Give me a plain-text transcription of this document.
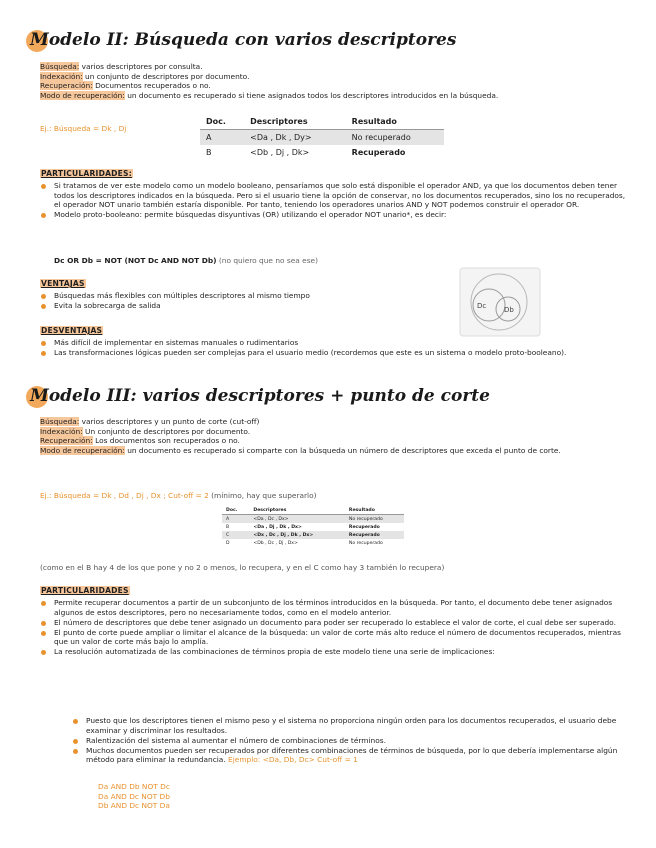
Modelo II: Búsqueda con varios descriptores
Búsqueda: varios descriptores por consulta.
Indexación: un conjunto de descriptores por documento.
Recuperación: Documentos recuperados o no.
Modo de recuperación: un documento es recuperado si tiene asignados todos los descriptores introducidos en la búsqueda.
Ej.: Búsqueda = Dk , Dj
Doc.	Descriptores	Resultado
A	<Da , Dk , Dy>	No recuperado
B	<Db , Dj , Dk>	Recuperado
PARTICULARIDADES:
Si tratamos de ver este modelo como un modelo booleano, pensaríamos que solo está disponible el operador AND, ya que los documentos deben tener todos los descriptores indicados en la búsqueda. Pero si el usuario tiene la opción de conservar, no los documentos recuperados, sino los no recuperados, el operador NOT unario también estaría disponible. Por tanto, teniendo los operadores unarios AND y NOT podemos construir el operador OR.
Modelo proto-booleano: permite búsquedas disyuntivas (OR) utilizando el operador NOT unario*, es decir:
Dc OR Db = NOT (NOT Dc AND NOT Db) (no quiero que no sea ese)
Dc	Db
VENTAJAS
Búsquedas más flexibles con múltiples descriptores al mismo tiempo
Evita la sobrecarga de salida
DESVENTAJAS
Más difícil de implementar en sistemas manuales o rudimentarios
Las transformaciones lógicas pueden ser complejas para el usuario medio (recordemos que este es un sistema o modelo proto-booleano).
Modelo III: varios descriptores + punto de corte
Búsqueda: varios descriptores y un punto de corte (cut-off)
Indexación: Un conjunto de descriptores por documento.
Recuperación: Los documentos son recuperados o no.
Modo de recuperación: un documento es recuperado si comparte con la búsqueda un número de descriptores que exceda el punto de corte.
Ej.: Búsqueda = Dk , Dd , Dj , Dx ; Cut-off = 2 (mínimo, hay que superarlo)
Doc.	Descriptores	Resultado
A	<Da , Dc , Dx>	No recuperado
B	<Da , Dj , Dk , Dx>	Recuperado
C	<Dx , Dc , Dj , Dk , Dx>	Recuperado
D	<Db , Dc , Dj , Dx>	No recuperado
(como en el B hay 4 de los que pone y no 2 o menos, lo recupera, y en el C como hay 3 también lo recupera)
PARTICULARIDADES
Permite recuperar documentos a partir de un subconjunto de los términos introducidos en la búsqueda. Por tanto, el documento debe tener asignados algunos de estos descriptores, pero no necesariamente todos, como en el modelo anterior.
El número de descriptores que debe tener asignado un documento para poder ser recuperado lo establece el valor de corte, el cual debe ser superado.
El punto de corte puede ampliar o limitar el alcance de la búsqueda: un valor de corte más alto reduce el número de documentos recuperados, mientras que un valor de corte más bajo lo amplía.
La resolución automatizada de las combinaciones de términos propia de este modelo tiene una serie de implicaciones:
Puesto que los descriptores tienen el mismo peso y el sistema no proporciona ningún orden para los documentos recuperados, el usuario debe examinar y discriminar los resultados.
Ralentización del sistema al aumentar el número de combinaciones de términos.
Muchos documentos pueden ser recuperados por diferentes combinaciones de términos de búsqueda, por lo que debería implementarse algún método para eliminar la redundancia. Ejemplo: <Da, Db, Dc> Cut-off = 1
Da AND Db NOT Dc
Da AND Dc NOT Db
Db AND Dc NOT Da
